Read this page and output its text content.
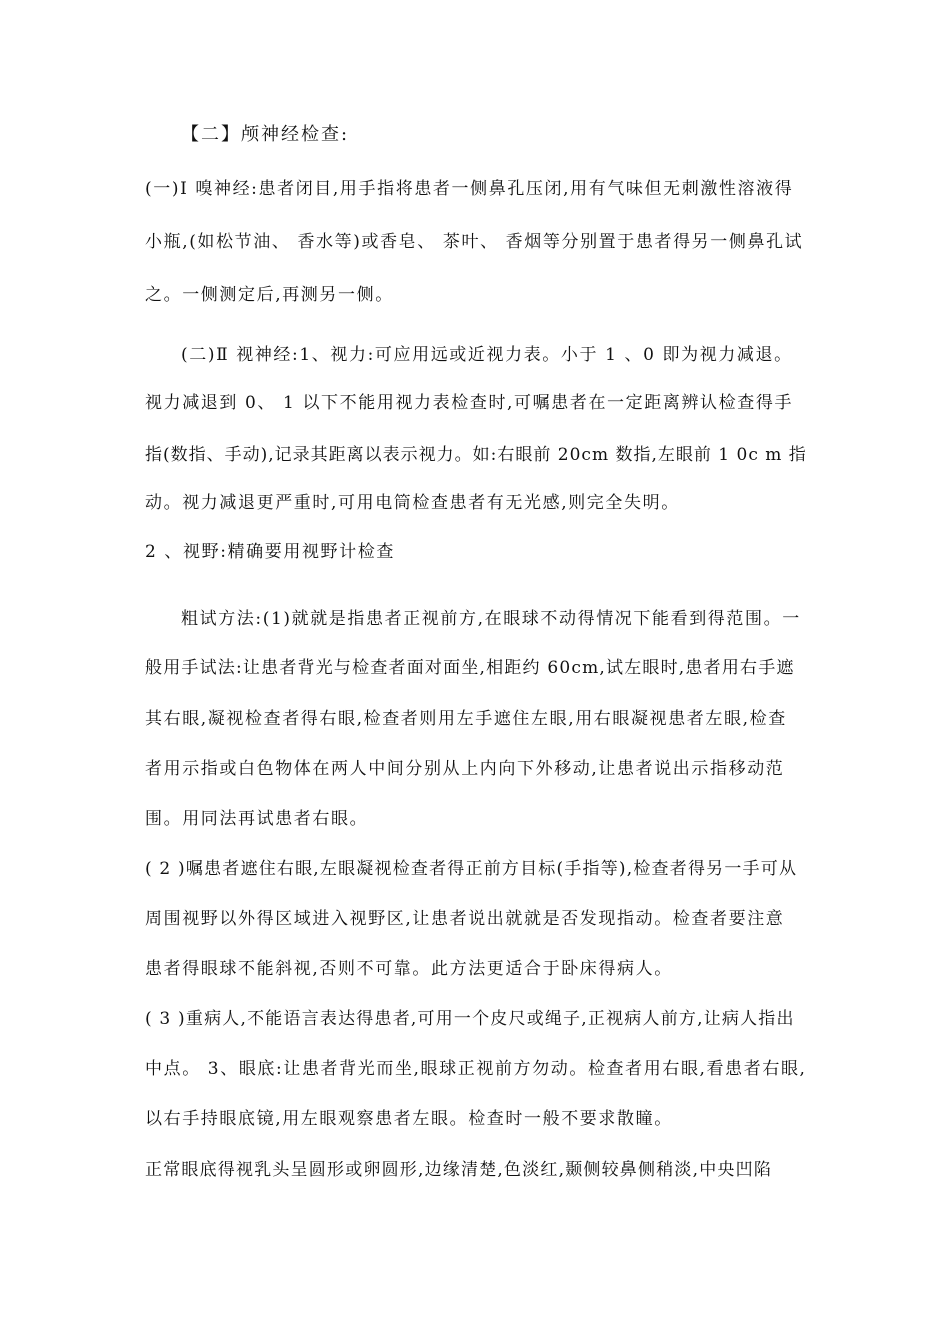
【二】颅神经检查:

(一)Ⅰ 嗅神经:患者闭目,用手指将患者一侧鼻孔压闭,用有气味但无刺激性溶液得

小瓶,(如松节油、 香水等)或香皂、 茶叶、 香烟等分别置于患者得另一侧鼻孔试

之。一侧测定后,再测另一侧。

(二)Ⅱ 视神经:1、视力:可应用远或近视力表。小于 1 、0 即为视力减退。

视力减退到 0、 1 以下不能用视力表检查时,可嘱患者在一定距离辨认检查得手

指(数指、手动),记录其距离以表示视力。如:右眼前 20cm 数指,左眼前 1 0c m 指

动。视力减退更严重时,可用电筒检查患者有无光感,则完全失明。

2 、视野:精确要用视野计检查

粗试方法:(1)就就是指患者正视前方,在眼球不动得情况下能看到得范围。一

般用手试法:让患者背光与检查者面对面坐,相距约 60cm,试左眼时,患者用右手遮

其右眼,凝视检查者得右眼,检查者则用左手遮住左眼,用右眼凝视患者左眼,检查

者用示指或白色物体在两人中间分别从上内向下外移动,让患者说出示指移动范

围。用同法再试患者右眼。

( 2 )嘱患者遮住右眼,左眼凝视检查者得正前方目标(手指等),检查者得另一手可从

周围视野以外得区域进入视野区,让患者说出就就是否发现指动。检查者要注意

患者得眼球不能斜视,否则不可靠。此方法更适合于卧床得病人。

( 3 )重病人,不能语言表达得患者,可用一个皮尺或绳子,正视病人前方,让病人指出

中点。 3、眼底:让患者背光而坐,眼球正视前方勿动。检查者用右眼,看患者右眼,

以右手持眼底镜,用左眼观察患者左眼。检查时一般不要求散瞳。

正常眼底得视乳头呈圆形或卵圆形,边缘清楚,色淡红,颞侧较鼻侧稍淡,中央凹陷
